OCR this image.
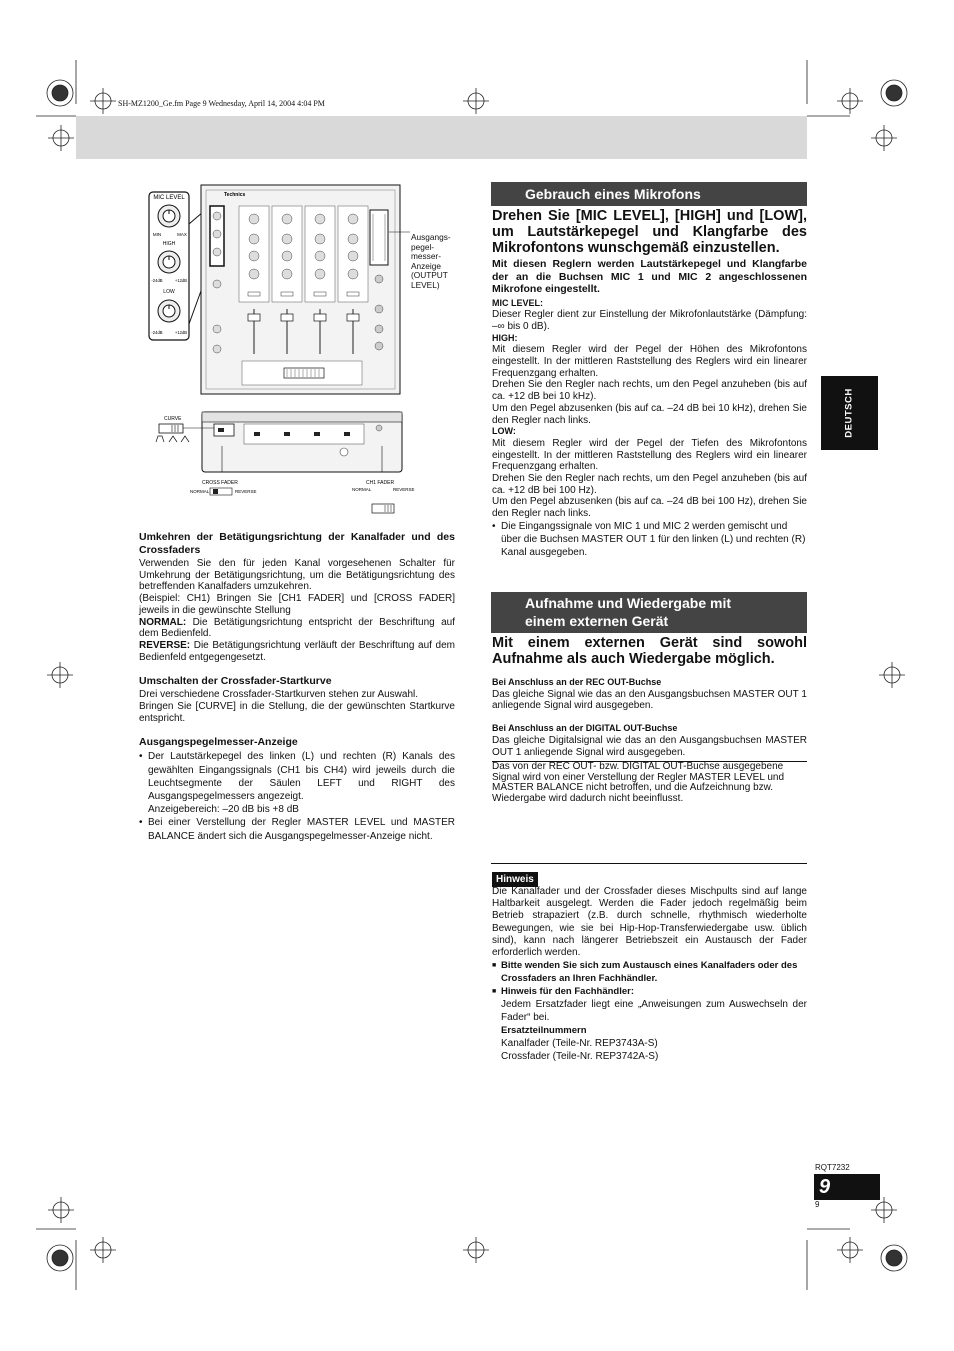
SH-MZ1200_Ge.fm Page 9 Wednesday, April 14, 2004 4:04 PM
MIC LEVEL
MIN	MAX
HIGH
-24dB	+12dB
LOW
-24dB	+12dB
Technics
CURVE
CROSS FADER
NORMAL	REVERSE
CH1 FADER
NORMAL	REVERSE
Ausgangs-
pegel-
messer-
Anzeige
(OUTPUT
LEVEL)

Umkehren der Betätigungsrichtung der Kanalfader und des Crossfaders

Verwenden Sie den für jeden Kanal vorgesehenen Schalter für Umkehrung der Betätigungsrichtung, um die Betätigungsrichtung des betreffenden Kanalfaders umzukehren.

(Beispiel: CH1) Bringen Sie [CH1 FADER] und [CROSS FADER] jeweils in die gewünschte Stellung

NORMAL: Die Betätigungsrichtung entspricht der Beschriftung auf dem Bedienfeld.

REVERSE: Die Betätigungsrichtung verläuft der Beschriftung auf dem Bedienfeld entgegengesetzt.

Umschalten der Crossfader-Startkurve

Drei verschiedene Crossfader-Startkurven stehen zur Auswahl.

Bringen Sie [CURVE] in die Stellung, die der gewünschten Startkurve entspricht.

Ausgangspegelmesser-Anzeige

• Der Lautstärkepegel des linken (L) und rechten (R) Kanals des gewählten Eingangssignals (CH1 bis CH4) wird jeweils durch die Leuchtsegmente der Säulen LEFT und RIGHT des Ausgangspegelmessers angezeigt.
Anzeigebereich: –20 dB bis +8 dB
• Bei einer Verstellung der Regler MASTER LEVEL und MASTER BALANCE ändert sich die Ausgangspegelmesser-Anzeige nicht.
Gebrauch eines Mikrofons

Drehen Sie [MIC LEVEL], [HIGH] und [LOW], um Lautstärkepegel und Klangfarbe des Mikrofontons wunschgemäß einzustellen.

Mit diesen Reglern werden Lautstärkepegel und Klangfarbe der an die Buchsen MIC 1 und MIC 2 angeschlossenen Mikrofone eingestellt.

MIC LEVEL:

Dieser Regler dient zur Einstellung der Mikrofonlautstärke (Dämpfung: –∞ bis 0 dB).

HIGH:

Mit diesem Regler wird der Pegel der Höhen des Mikrofontons eingestellt. In der mittleren Raststellung des Reglers wird ein linearer Frequenzgang erhalten.

Drehen Sie den Regler nach rechts, um den Pegel anzuheben (bis auf ca. +12 dB bei 10 kHz).

Um den Pegel abzusenken (bis auf ca. –24 dB bei 10 kHz), drehen Sie den Regler nach links.

LOW:

Mit diesem Regler wird der Pegel der Tiefen des Mikrofontons eingestellt. In der mittleren Raststellung des Reglers wird ein linearer Frequenzgang erhalten.

Drehen Sie den Regler nach rechts, um den Pegel anzuheben (bis auf ca. +12 dB bei 100 Hz).

Um den Pegel abzusenken (bis auf ca. –24 dB bei 100 Hz), drehen Sie den Regler nach links.

• Die Eingangssignale von MIC 1 und MIC 2 werden gemischt und über die Buchsen MASTER OUT 1 für den linken (L) und rechten (R) Kanal ausgegeben.
Aufnahme und Wiedergabe mit
einem externen Gerät

Mit einem externen Gerät sind sowohl Aufnahme als auch Wiedergabe möglich.

Bei Anschluss an der REC OUT-Buchse

Das gleiche Signal wie das an den Ausgangsbuchsen MASTER OUT 1 anliegende Signal wird ausgegeben.

Bei Anschluss an der DIGITAL OUT-Buchse

Das gleiche Digitalsignal wie das an den Ausgangsbuchsen MASTER OUT 1 anliegende Signal wird ausgegeben.

Das von der REC OUT- bzw. DIGITAL OUT-Buchse ausgegebene Signal wird von einer Verstellung der Regler MASTER LEVEL und MASTER BALANCE nicht betroffen, und die Aufzeichnung bzw. Wiedergabe wird dadurch nicht beeinflusst.

Hinweis

Die Kanalfader und der Crossfader dieses Mischpults sind auf lange Haltbarkeit ausgelegt. Werden die Fader jedoch regelmäßig beim Betrieb strapaziert (z.B. durch schnelle, rhythmisch wiederholte Bewegungen, wie sie bei Hip-Hop-Transferwiedergabe usw. üblich sind), kann nach längerer Betriebszeit ein Austausch der Fader erforderlich werden.

■ Bitte wenden Sie sich zum Austausch eines Kanalfaders oder des Crossfaders an Ihren Fachhändler.
■ Hinweis für den Fachhändler:
Jedem Ersatzfader liegt eine „Anweisungen zum Auswechseln der Fader“ bei.
Ersatzteilnummern
Kanalfader (Teile-Nr. REP3743A-S)
Crossfader (Teile-Nr. REP3742A-S)
DEUTSCH
RQT7232
9
9
